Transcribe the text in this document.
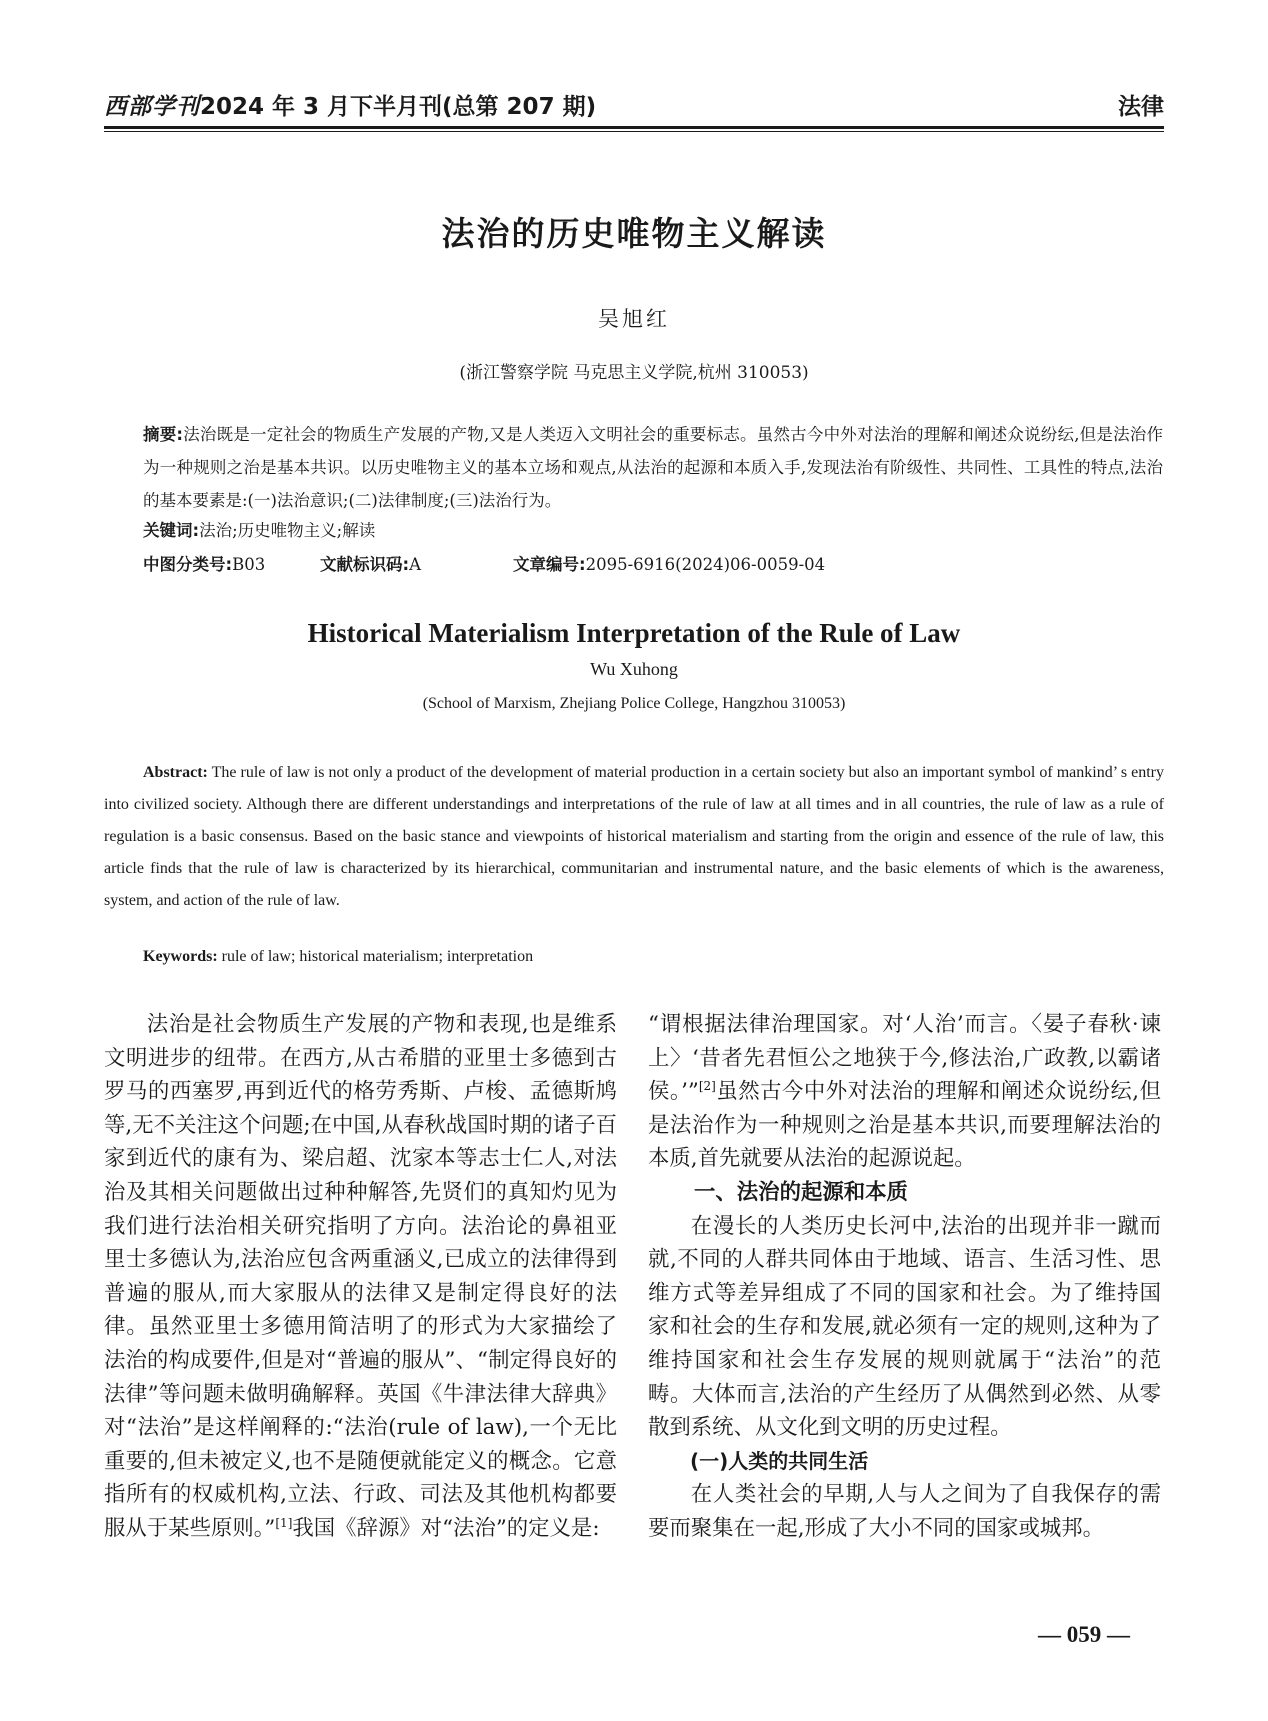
西部学刊2024 年 3 月下半月刊(总第 207 期)	法律
法治的历史唯物主义解读
吴旭红
(浙江警察学院 马克思主义学院,杭州 310053)
摘要:法治既是一定社会的物质生产发展的产物,又是人类迈入文明社会的重要标志。虽然古今中外对法治的理解和阐述众说纷纭,但是法治作为一种规则之治是基本共识。以历史唯物主义的基本立场和观点,从法治的起源和本质入手,发现法治有阶级性、共同性、工具性的特点,法治的基本要素是:(一)法治意识;(二)法律制度;(三)法治行为。
关键词:法治;历史唯物主义;解读
中图分类号:B03	文献标识码:A	文章编号:2095-6916(2024)06-0059-04
Historical Materialism Interpretation of the Rule of Law
Wu Xuhong
(School of Marxism, Zhejiang Police College, Hangzhou 310053)
Abstract: The rule of law is not only a product of the development of material production in a certain society but also an important symbol of mankind’ s entry into civilized society. Although there are different understandings and interpretations of the rule of law at all times and in all countries, the rule of law as a rule of regulation is a basic consensus. Based on the basic stance and viewpoints of historical materialism and starting from the origin and essence of the rule of law, this article finds that the rule of law is characterized by its hierarchical, communitarian and instrumental nature, and the basic elements of which is the awareness, system, and action of the rule of law.
Keywords: rule of law; historical materialism; interpretation

法治是社会物质生产发展的产物和表现,也是维系文明进步的纽带。在西方,从古希腊的亚里士多德到古罗马的西塞罗,再到近代的格劳秀斯、卢梭、孟德斯鸠等,无不关注这个问题;在中国,从春秋战国时期的诸子百家到近代的康有为、梁启超、沈家本等志士仁人,对法治及其相关问题做出过种种解答,先贤们的真知灼见为我们进行法治相关研究指明了方向。法治论的鼻祖亚里士多德认为,法治应包含两重涵义,已成立的法律得到普遍的服从,而大家服从的法律又是制定得良好的法律。虽然亚里士多德用简洁明了的形式为大家描绘了法治的构成要件,但是对“普遍的服从”、“制定得良好的法律”等问题未做明确解释。英国《牛津法律大辞典》对“法治”是这样阐释的:“法治(rule of law),一个无比重要的,但未被定义,也不是随便就能定义的概念。它意指所有的权威机构,立法、行政、司法及其他机构都要服从于某些原则。”[1]我国《辞源》对“法治”的定义是:

“谓根据法律治理国家。对‘人治’而言。〈晏子春秋·谏上〉‘昔者先君恒公之地狭于今,修法治,广政教,以霸诸侯。’”[2]虽然古今中外对法治的理解和阐述众说纷纭,但是法治作为一种规则之治是基本共识,而要理解法治的本质,首先就要从法治的起源说起。

一、法治的起源和本质

在漫长的人类历史长河中,法治的出现并非一蹴而就,不同的人群共同体由于地域、语言、生活习性、思维方式等差异组成了不同的国家和社会。为了维持国家和社会的生存和发展,就必须有一定的规则,这种为了维持国家和社会生存发展的规则就属于“法治”的范畴。大体而言,法治的产生经历了从偶然到必然、从零散到系统、从文化到文明的历史过程。

(一)人类的共同生活

在人类社会的早期,人与人之间为了自我保存的需要而聚集在一起,形成了大小不同的国家或城邦。

— 059 —
